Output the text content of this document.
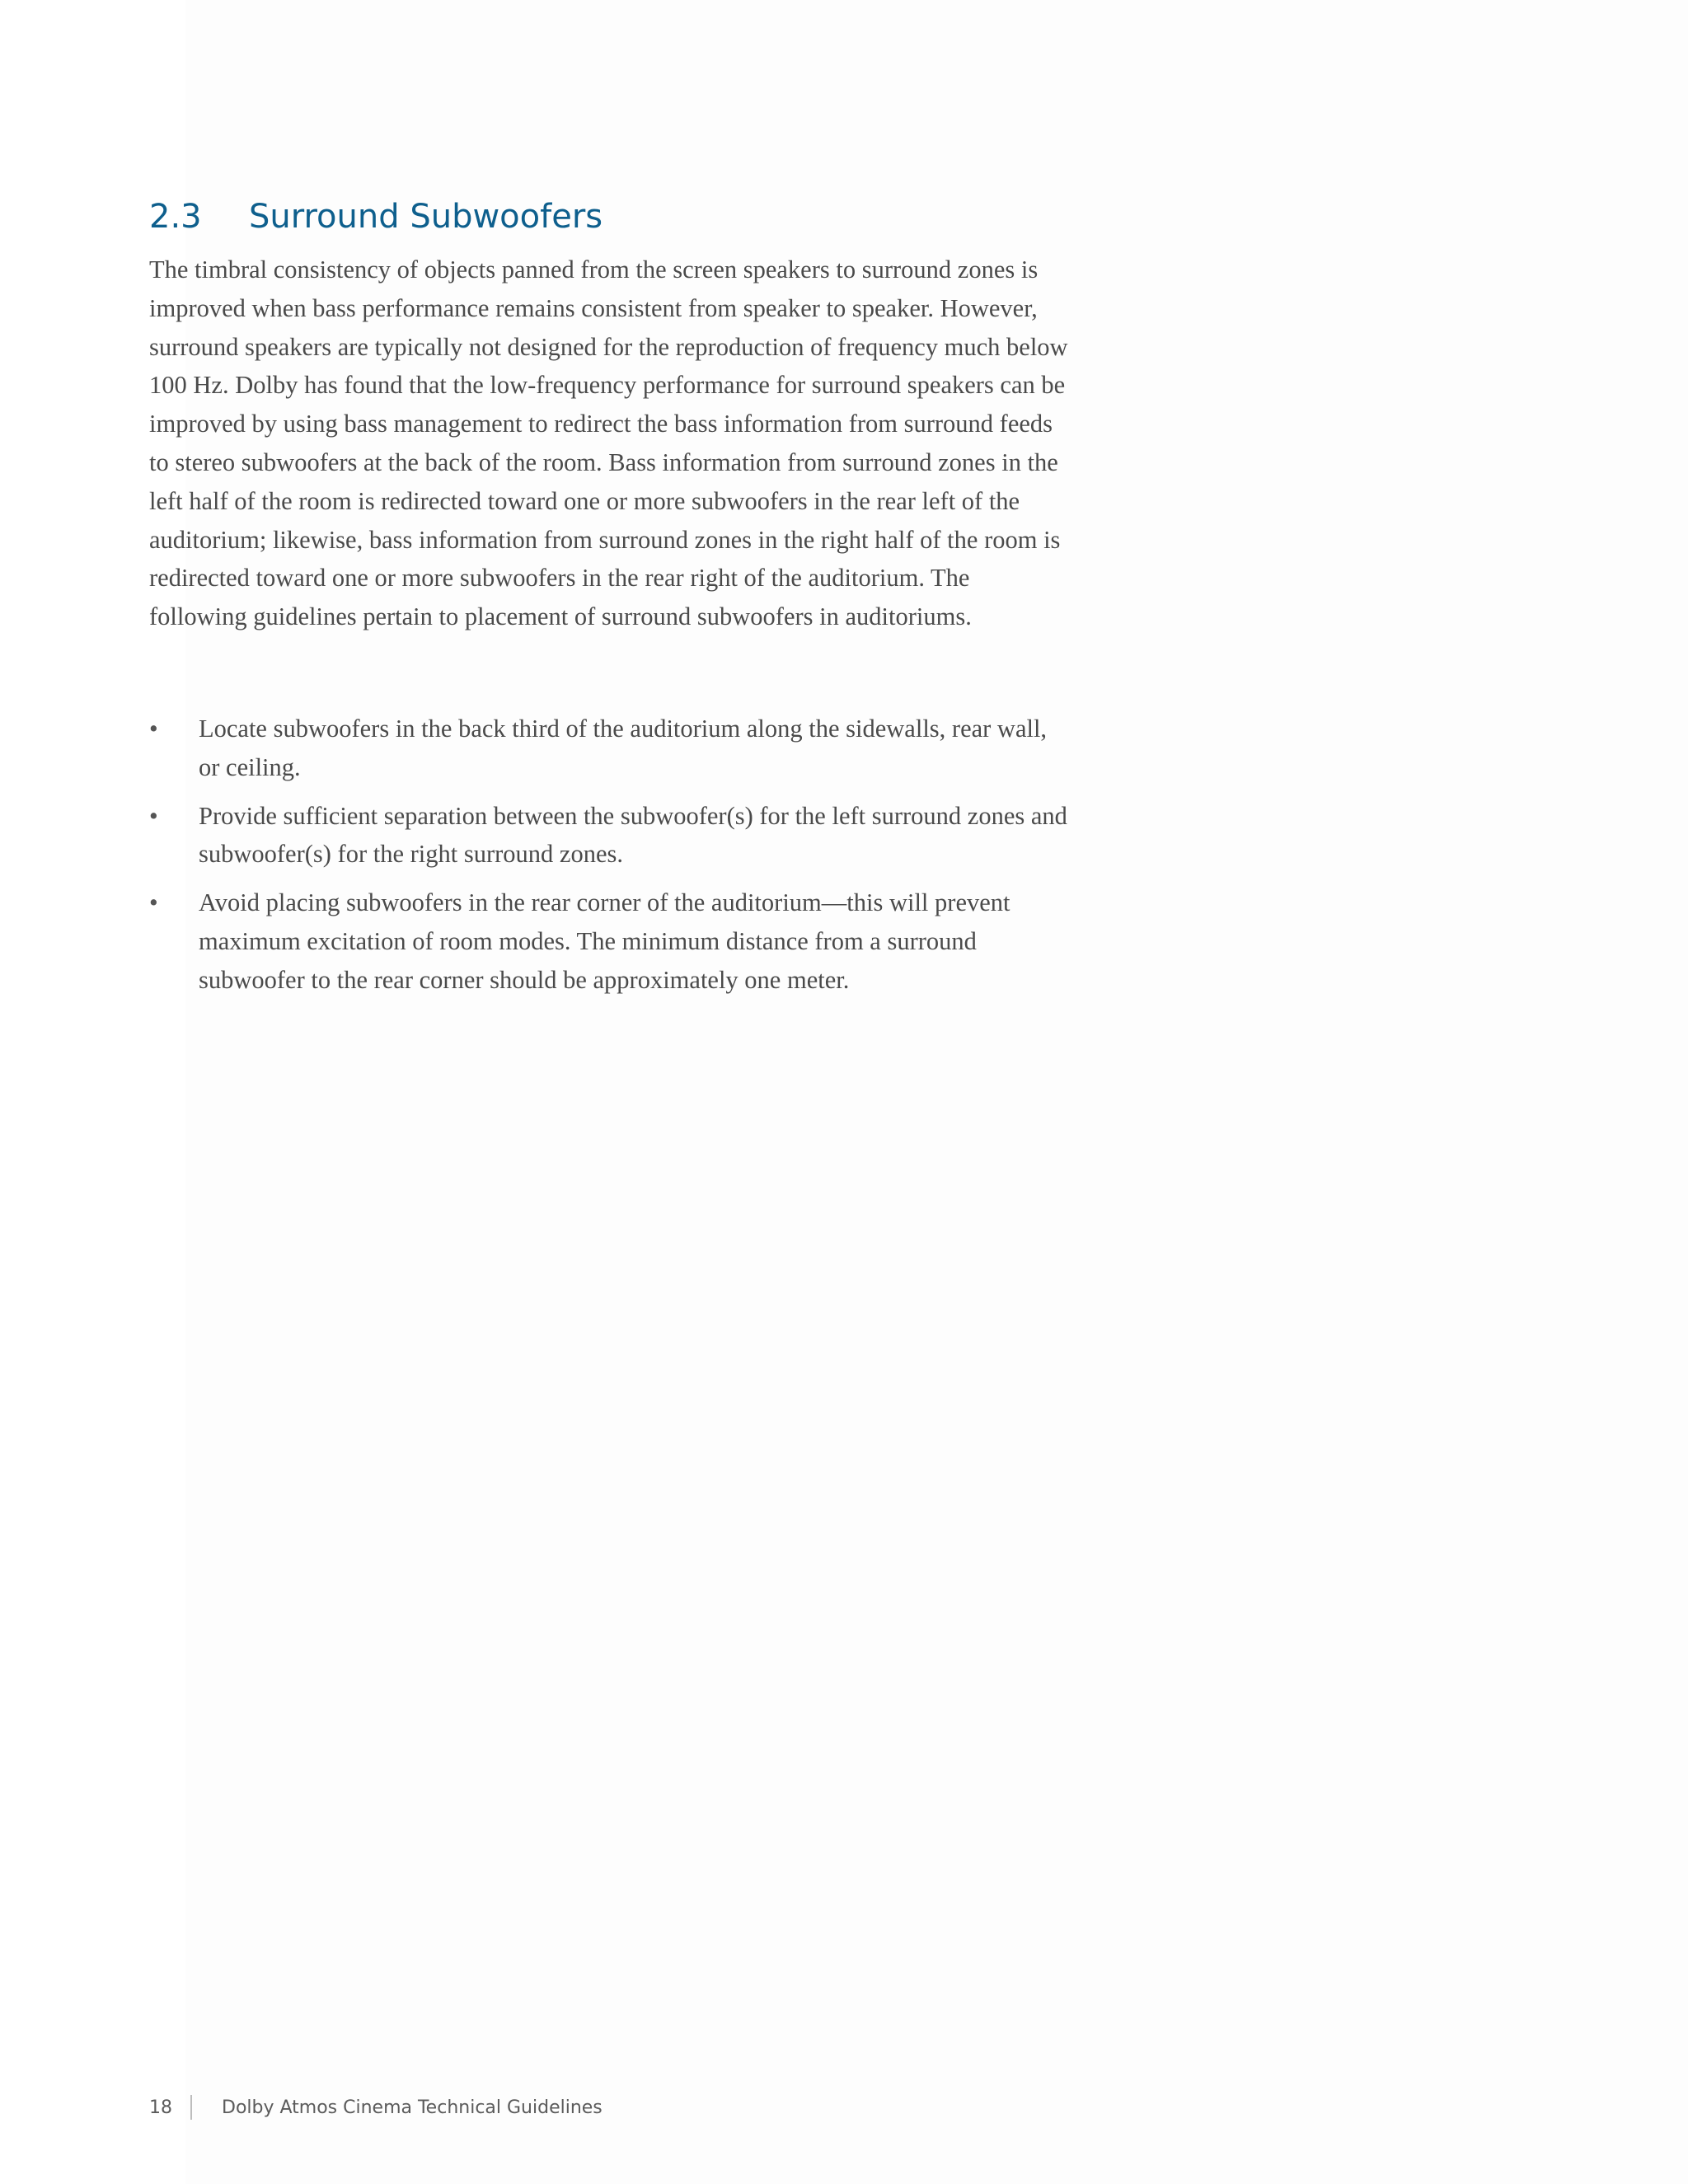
2.3 Surround Subwoofers

The timbral consistency of objects panned from the screen speakers to surround zones is improved when bass performance remains consistent from speaker to speaker. However, surround speakers are typically not designed for the reproduction of frequency much below 100 Hz. Dolby has found that the low-frequency performance for surround speakers can be improved by using bass management to redirect the bass information from surround feeds to stereo subwoofers at the back of the room. Bass information from surround zones in the left half of the room is redirected toward one or more subwoofers in the rear left of the auditorium; likewise, bass information from surround zones in the right half of the room is redirected toward one or more subwoofers in the rear right of the auditorium. The following guidelines pertain to placement of surround subwoofers in auditoriums.

•	Locate subwoofers in the back third of the auditorium along the sidewalls, rear wall, or ceiling.
•	Provide sufficient separation between the subwoofer(s) for the left surround zones and subwoofer(s) for the right surround zones.
•	Avoid placing subwoofers in the rear corner of the auditorium—this will prevent maximum excitation of room modes. The minimum distance from a surround subwoofer to the rear corner should be approximately one meter.
18	Dolby Atmos Cinema Technical Guidelines
